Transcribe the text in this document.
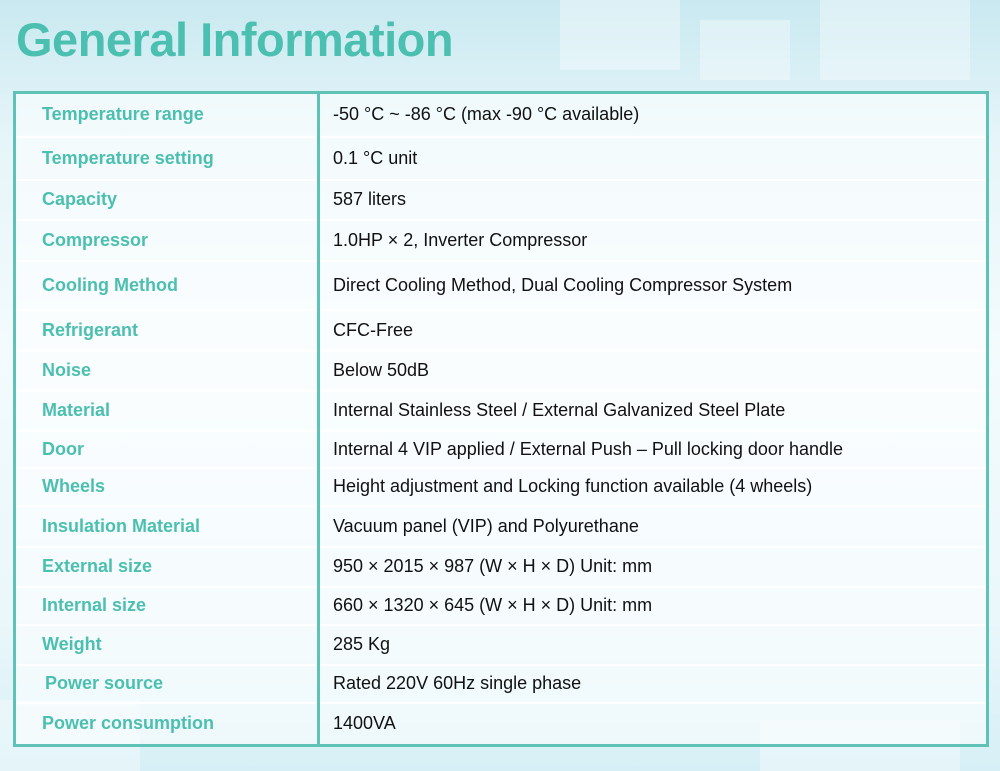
General Information
Temperature range	-50 °C ~ -86 °C (max -90 °C available)
Temperature setting	0.1 °C unit
Capacity	587 liters
Compressor	1.0HP × 2, Inverter Compressor
Cooling Method	Direct Cooling Method, Dual Cooling Compressor System
Refrigerant	CFC-Free
Noise	Below 50dB
Material	Internal Stainless Steel / External Galvanized Steel Plate
Door	Internal 4 VIP applied / External Push – Pull locking door handle
Wheels	Height adjustment and Locking function available (4 wheels)
Insulation Material	Vacuum panel (VIP) and Polyurethane
External size	950 × 2015 × 987 (W × H × D) Unit: mm
Internal size	660 × 1320 × 645 (W × H × D) Unit: mm
Weight	285 Kg
Power source	Rated 220V 60Hz single phase
Power consumption	1400VA
